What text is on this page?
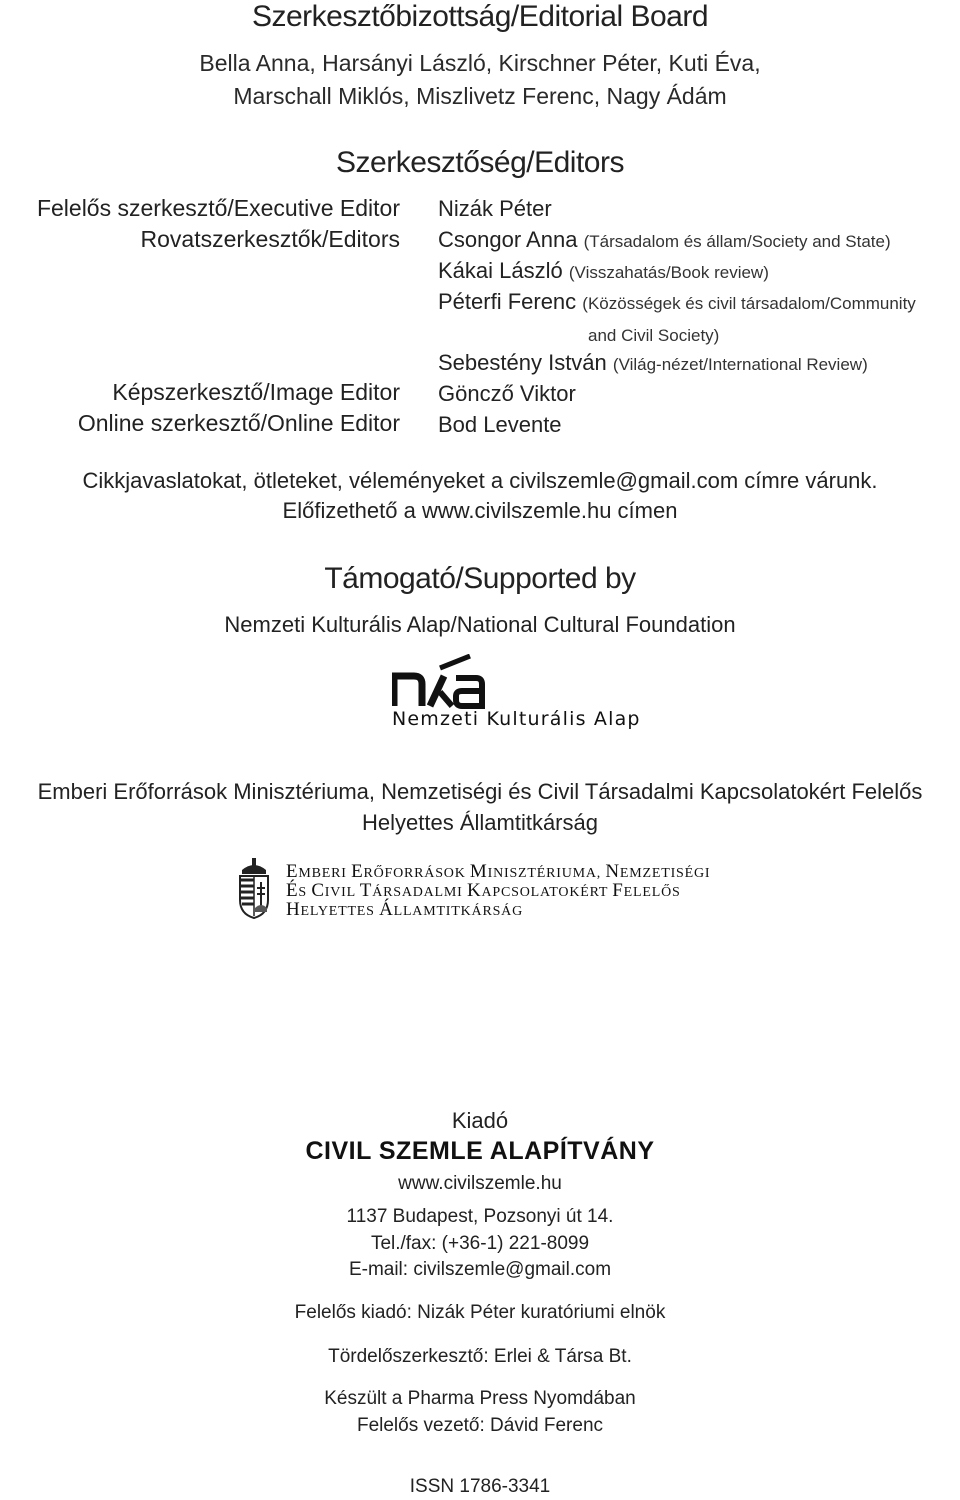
Szerkesztőbizottság/Editorial Board
Bella Anna, Harsányi László, Kirschner Péter, Kuti Éva,
Marschall Miklós, Miszlivetz Ferenc, Nagy Ádám
Szerkesztőség/Editors
Felelős szerkesztő/Executive Editor
Rovatszerkesztők/Editors
Képszerkesztő/Image Editor
Online szerkesztő/Online Editor
Nizák Péter
Csongor Anna (Társadalom és állam/Society and State)
Kákai László (Visszahatás/Book review)
Péterfi Ferenc (Közösségek és civil társadalom/Community
and Civil Society)
Sebestény István (Világ-nézet/International Review)
Göncző Viktor
Bod Levente
Cikkjavaslatokat, ötleteket, véleményeket a civilszemle@gmail.com címre várunk.
Előfizethető a www.civilszemle.hu címen
Támogató/Supported by
Nemzeti Kulturális Alap/National Cultural Foundation
Nemzeti Kulturális Alap
Emberi Erőforrások Minisztériuma, Nemzetiségi és Civil Társadalmi Kapcsolatokért Felelős
Helyettes Államtitkárság
EMBERI ERŐFORRÁSOK MINISZTÉRIUMA, NEMZETISÉGI
ÉS CIVIL TÁRSADALMI KAPCSOLATOKÉRT FELELŐS
HELYETTES ÁLLAMTITKÁRSÁG
Kiadó
CIVIL SZEMLE ALAPÍTVÁNY
www.civilszemle.hu
1137 Budapest, Pozsonyi út 14.
Tel./fax: (+36-1) 221-8099
E-mail: civilszemle@gmail.com
Felelős kiadó: Nizák Péter kuratóriumi elnök
Tördelőszerkesztő: Erlei & Társa Bt.
Készült a Pharma Press Nyomdában
Felelős vezető: Dávid Ferenc
ISSN 1786-3341
